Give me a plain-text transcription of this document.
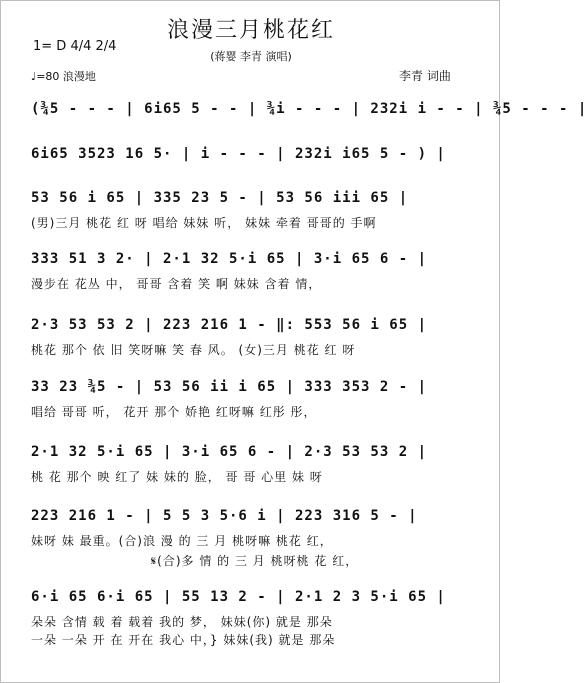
浪漫三月桃花红
(蒋婴 李青 演唱)
1= D 4/4 2/4
♩=80 浪漫地	李青 词曲
(¾5 - - - | 6i65 5 - - | ¾i - - - | 232i i - - | ¾5 - - - |
6i65 3523 16 5· | i - - - | 232i i65 5 - ) |
53 56 i 65 | 335 23 5 - | 53 56 iii 65 |
(男)三月 桃花 红 呀 唱给 妹妹 听， 妹妹 牵着 哥哥的 手啊
333 51 3 2· | 2·1 32 5·i 65 | 3·i 65 6 - |
漫步在 花丛 中， 哥哥 含着 笑 啊 妹妹 含着 情，
2·3 53 53 2 | 223 216 1 - ‖: 553 56 i 65 |
桃花 那个 依 旧 笑呀嘛 笑 春 风。 (女)三月 桃花 红 呀
33 23 ¾5 - | 53 56 ii i 65 | 333 353 2 - |
唱给 哥哥 听， 花开 那个 娇艳 红呀嘛 红彤 彤，
2·1 32 5·i 65 | 3·i 65 6 - | 2·3 53 53 2 |
桃 花 那个 映 红了 妹 妹的 脸， 哥 哥 心里 妹 呀
223 216 1 - | 5 5 3 5·6 i | 223 316 5 - |
妹呀 妹 最重。(合)浪 漫 的 三 月 桃呀嘛 桃花 红，
𝄋(合)多 情 的 三 月 桃呀桃 花 红，
6·i 65 6·i 65 | 55 13 2 - | 2·1 2 3 5·i 65 |
朵朵 含情 载 着 载着 我的 梦， 妹妹(你) 就是 那朵
一朵 一朵 开 在 开在 我心 中，} 妹妹(我) 就是 那朵
